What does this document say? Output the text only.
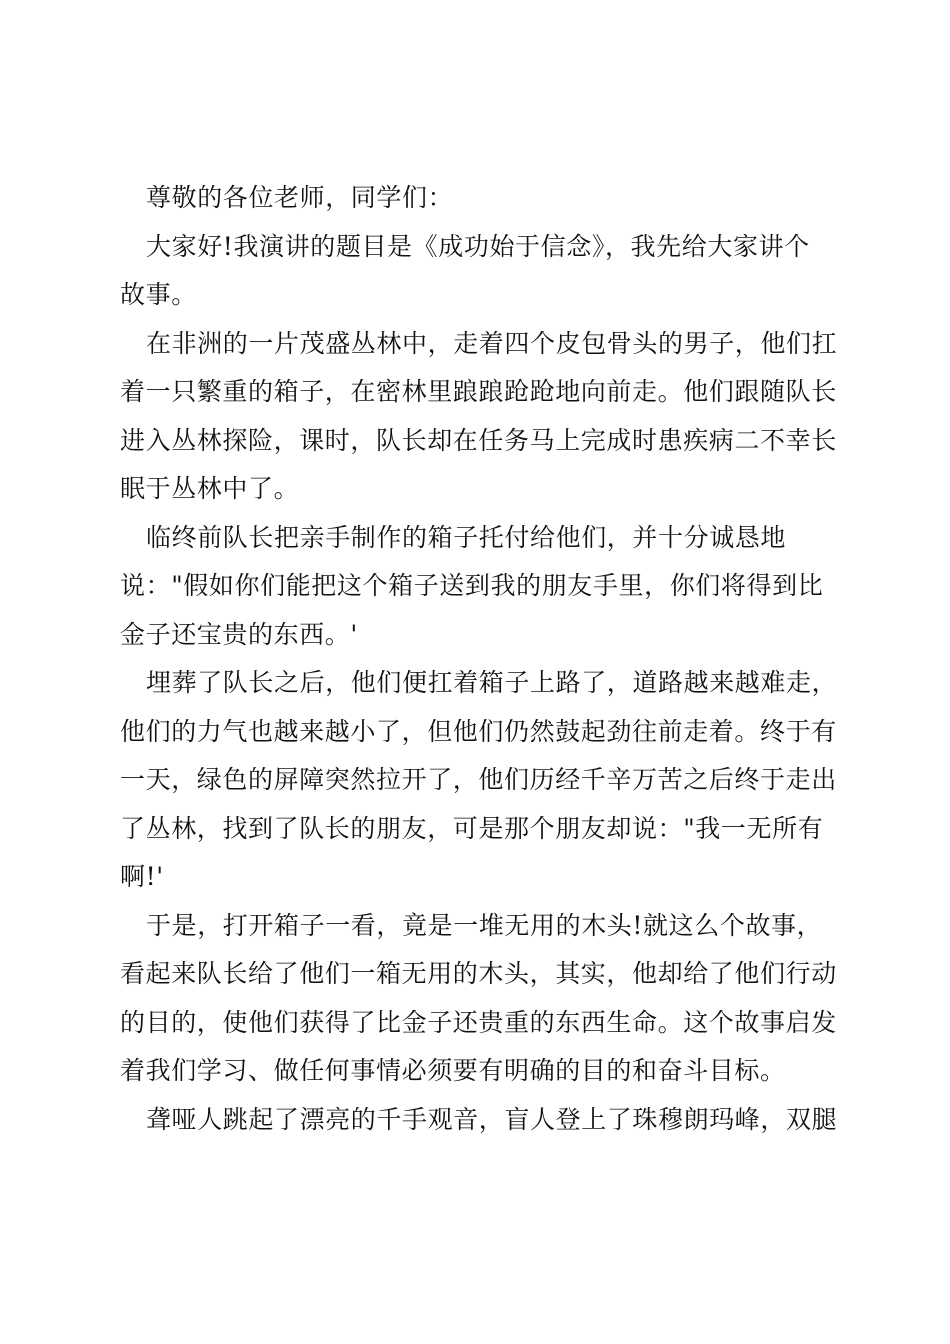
尊敬的各位老师，同学们：
大家好!我演讲的题目是《成功始于信念》，我先给大家讲个
故事。
在非洲的一片茂盛丛林中，走着四个皮包骨头的男子，他们扛
着一只繁重的箱子，在密林里踉踉跄跄地向前走。他们跟随队长
进入丛林探险，课时，队长却在任务马上完成时患疾病二不幸长
眠于丛林中了。
临终前队长把亲手制作的箱子托付给他们，并十分诚恳地
说："假如你们能把这个箱子送到我的朋友手里，你们将得到比
金子还宝贵的东西。'
埋葬了队长之后，他们便扛着箱子上路了，道路越来越难走，
他们的力气也越来越小了，但他们仍然鼓起劲往前走着。终于有
一天，绿色的屏障突然拉开了，他们历经千辛万苦之后终于走出
了丛林，找到了队长的朋友，可是那个朋友却说："我一无所有
啊!'
于是，打开箱子一看，竟是一堆无用的木头!就这么个故事，
看起来队长给了他们一箱无用的木头，其实，他却给了他们行动
的目的，使他们获得了比金子还贵重的东西生命。这个故事启发
着我们学习、做任何事情必须要有明确的目的和奋斗目标。
聋哑人跳起了漂亮的千手观音，盲人登上了珠穆朗玛峰，双腿
